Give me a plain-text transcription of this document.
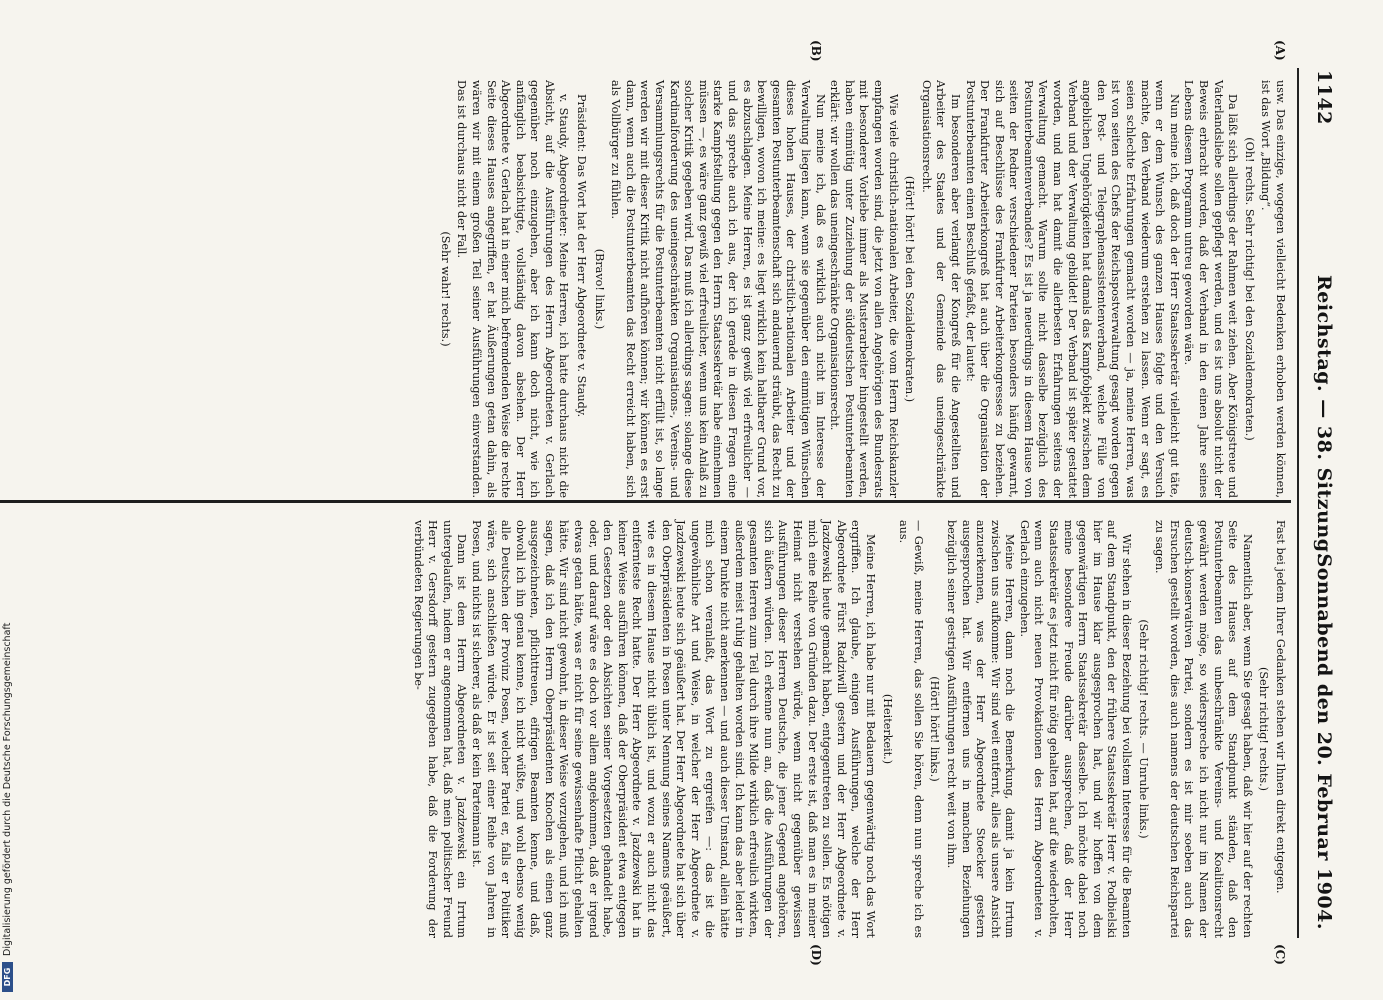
1142
Reichstag. — 38. Sitzung.
Sonnabend den 20. Februar 1904.
(A)
(B)
(C)
(D)

usw. Das einzige, wogegen vielleicht Bedenken erhoben werden können, ist das Wort „Bildung“.

(Oh! rechts. Sehr richtig! bei den Sozialdemokraten.)

Da läßt sich allerdings der Rahmen weit ziehen. Aber Königstreue und Vaterlandsliebe sollen gepflegt werden, und es ist uns absolut nicht der Beweis erbracht worden, daß der Verband in den einen Jahre seines Lebens diesem Programm untreu geworden wäre.

Nun meine ich, daß doch der Herr Staatssekretär vielleicht gut täte, wenn er dem Wunsch des ganzen Hauses folgte und den Versuch machte, den Verband wiederum erstehen zu lassen. Wenn er sagt, es seien schlechte Erfahrungen gemacht worden — ja, meine Herren, was ist von seiten des Chefs der Reichspostverwaltung gesagt worden gegen den Post- und Telegraphenassistentenverband, welche Fülle von angeblichen Ungehörigkeiten hat damals das Kampfobjekt zwischen dem Verband und der Verwaltung gebildet! Der Verband ist später gestattet worden, und man hat damit die allerbesten Erfahrungen seitens der Verwaltung gemacht. Warum sollte nicht dasselbe bezüglich des Postunterbeamtenverbandes? Es ist ja neuerdings in diesem Hause von seiten der Redner verschiedener Parteien besonders häufig gewarnt, sich auf Beschlüsse des Frankfurter Arbeiterkongresses zu beziehen. Der Frankfurter Arbeiterkongreß hat auch über die Organisation der Postunterbeamten einen Beschluß gefaßt, der lautet:

Im besonderen aber verlangt der Kongreß für die Angestellten und Arbeiter des Staates und der Gemeinde das uneingeschränkte Organisationsrecht.

(Hört! hört! bei den Sozialdemokraten.)

Wie viele christlich-nationalen Arbeiter, die vom Herrn Reichskanzler empfangen worden sind, die jetzt von allen Angehörigen des Bundesrats mit besonderer Vorliebe immer als Musterarbeiter hingestellt werden, haben einmütig unter Zuziehung der süddeutschen Postunterbeamten erklärt: wir wollen das uneingeschränkte Organisationsrecht.

Nun meine ich, daß es wirklich auch nicht im Interesse der Verwaltung liegen kann, wenn sie gegenüber den einmütigen Wünschen dieses hohen Hauses, der christlich-nationalen Arbeiter und der gesamten Postunterbeamtenschaft sich andauernd sträubt, das Recht zu bewilligen, wovon ich meine: es liegt wirklich kein haltbarer Grund vor, es abzuschlagen. Meine Herren, es ist ganz gewiß viel erfreulicher — und das spreche auch ich aus, der ich gerade in diesen Fragen eine starke Kampfstellung gegen den Herrn Staatssekretär habe einnehmen müssen —, es wäre ganz gewiß viel erfreulicher, wenn uns kein Anlaß zu solcher Kritik gegeben wird. Das muß ich allerdings sagen: solange diese Kardinalforderung des uneingeschränkten Organisations-, Vereins- und Versammlungsrechts für die Postunterbeamten nicht erfüllt ist, so lange werden wir mit dieser Kritik nicht aufhören können; wir können es erst dann, wenn auch die Postunterbeamten das Recht erreicht haben, sich als Vollbürger zu fühlen.

(Bravo! links.)

Präsident: Das Wort hat der Herr Abgeordnete v. Staudy.

v. Staudy, Abgeordneter: Meine Herren, ich hatte durchaus nicht die Absicht, auf die Ausführungen des Herrn Abgeordneten v. Gerlach gegenüber noch einzugehen, aber ich kann doch nicht, wie ich anfänglich beabsichtigte, vollständig davon absehen. Der Herr Abgeordnete v. Gerlach hat in einer mich befremdenden Weise die rechte Seite dieses Hauses angegriffen, er hat Äußerungen getan dahin, als wären wir mit einem großen Teil seiner Ausführungen einverstanden. Das ist durchaus nicht der Fall.

(Sehr wahr! rechts.)

Fast bei jedem Ihrer Gedanken stehen wir Ihnen direkt entgegen.

(Sehr richtig! rechts.)

Namentlich aber, wenn Sie gesagt haben, daß wir hier auf der rechten Seite des Hauses auf dem Standpunkt ständen, daß den Postunterbeamten das unbeschränkte Vereins- und Koalitionsrecht gewährt werden möge, so widerspreche ich nicht nur im Namen der deutsch-konservativen Partei, sondern es ist mir soeben auch das Ersuchen gestellt worden, dies auch namens der deutschen Reichspartei zu sagen.

(Sehr richtig! rechts. — Unruhe links.)

Wir stehen in dieser Beziehung bei vollstem Interesse für die Beamten auf dem Standpunkt, den der frühere Staatssekretär Herr v. Podbielski hier im Hause klar ausgesprochen hat, und wir hoffen von dem gegenwärtigen Herrn Staatssekretär dasselbe. Ich möchte dabei noch meine besondere Freude darüber aussprechen, daß der Herr Staatssekretär es jetzt nicht für nötig gehalten hat, auf die wiederholten, wenn auch nicht neuen Provokationen des Herrn Abgeordneten v. Gerlach einzugehen.

Meine Herren, dann noch die Bemerkung, damit ja kein Irrtum zwischen uns aufkomme: Wir sind weit entfernt, alles als unsere Ansicht anzuerkennen, was der Herr Abgeordnete Stoecker gestern ausgesprochen hat. Wir entfernen uns in manchen Beziehungen bezüglich seiner gestrigen Ausführungen recht weit von ihm.

(Hört! hört! links.)

— Gewiß, meine Herren, das sollen Sie hören, denn nun spreche ich es aus.

(Heiterkeit.)

Meine Herren, ich habe nur mit Bedauern gegenwärtig noch das Wort ergriffen. Ich glaube, einigen Ausführungen, welche der Herr Abgeordnete Fürst Radziwill gestern und der Herr Abgeordnete v. Jazdzewski heute gemacht haben, entgegentreten zu sollen. Es nötigen mich eine Reihe von Gründen dazu. Der erste ist, daß man es in meiner Heimat nicht verstehen würde, wenn nicht gegenüber gewissen Ausführungen dieser Herren Deutsche, die jener Gegend angehören, sich äußern würden. Ich erkenne nun an, daß die Ausführungen der gesamten Herren zum Teil durch ihre Milde wirklich erfreulich wirkten, außerdem meist ruhig gehalten worden sind. Ich kann das aber leider in einem Punkte nicht anerkennen — und auch dieser Umstand, allein hätte mich schon veranlaßt, das Wort zu ergreifen —: das ist die ungewöhnliche Art und Weise, in welcher der Herr Abgeordnete v. Jazdzewski heute sich geäußert hat. Der Herr Abgeordnete hat sich über den Oberpräsidenten in Posen unter Nennung seines Namens geäußert, wie es in diesem Hause nicht üblich ist, und wozu er auch nicht das entfernteste Recht hatte. Der Herr Abgeordnete v. Jazdzewski hat in keiner Weise ausführen können, daß der Oberpräsident etwa entgegen den Gesetzen oder den Absichten seiner Vorgesetzten gehandelt habe, oder, und darauf wäre es doch vor allem angekommen, daß er irgend etwas getan hätte, was er nicht für seine gewissenhafte Pflicht gehalten hätte. Wir sind nicht gewohnt, in dieser Weise vorzugehen, und ich muß sagen, daß ich den Herrn Oberpräsidenten Knochen als einen ganz ausgezeichneten, pflichttreuen, eifrigen Beamten kenne, und daß, obwohl ich ihn genau kenne, ich nicht wüßte, und wohl ebenso wenig alle Deutschen der Provinz Posen, welcher Partei er, falls er Politiker wäre, sich anschließen würde. Er ist seit einer Reihe von Jahren in Posen, und nichts ist sicherer, als daß er kein Parteimann ist.

Dann ist dem Herrn Abgeordneten v. Jazdzewski ein Irrtum untergelaufen, indem er angenommen hat, daß mein politischer Freund Herr v. Gersdorff gestern zugegeben habe, daß die Forderung der verbündeten Regierungen be-

DFG
Digitalisierung gefördert durch die Deutsche Forschungsgemeinschaft
